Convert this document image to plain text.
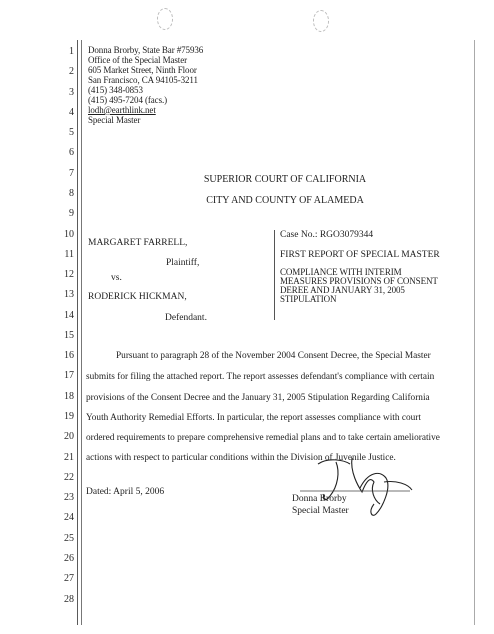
1
2
3
4
5
6
7
8
9
10
11
12
13
14
15
16
17
18
19
20
21
22
23
24
25
26
27
28
Donna Brorby, State Bar #75936
Office of the Special Master
605 Market Street, Ninth Floor
San Francisco, CA 94105-3211
(415) 348-0853
(415) 495-7204 (facs.)
lodh@earthlink.net
Special Master
SUPERIOR COURT OF CALIFORNIA
CITY AND COUNTY OF ALAMEDA
MARGARET FARRELL,
Plaintiff,
vs.
RODERICK HICKMAN,
Defendant.
Case No.: RGO3079344
FIRST REPORT OF SPECIAL MASTER
COMPLIANCE WITH INTERIM
MEASURES PROVISIONS OF CONSENT
DEREE AND JANUARY 31, 2005
STIPULATION
Pursuant to paragraph 28 of the November 2004 Consent Decree, the Special Master
submits for filing the attached report. The report assesses defendant's compliance with certain
provisions of the Consent Decree and the January 31, 2005 Stipulation Regarding California
Youth Authority Remedial Efforts. In particular, the report assesses compliance with court
ordered requirements to prepare comprehensive remedial plans and to take certain ameliorative
actions with respect to particular conditions within the Division of Juvenile Justice.
Dated: April 5, 2006
Donna Brorby
Special Master
